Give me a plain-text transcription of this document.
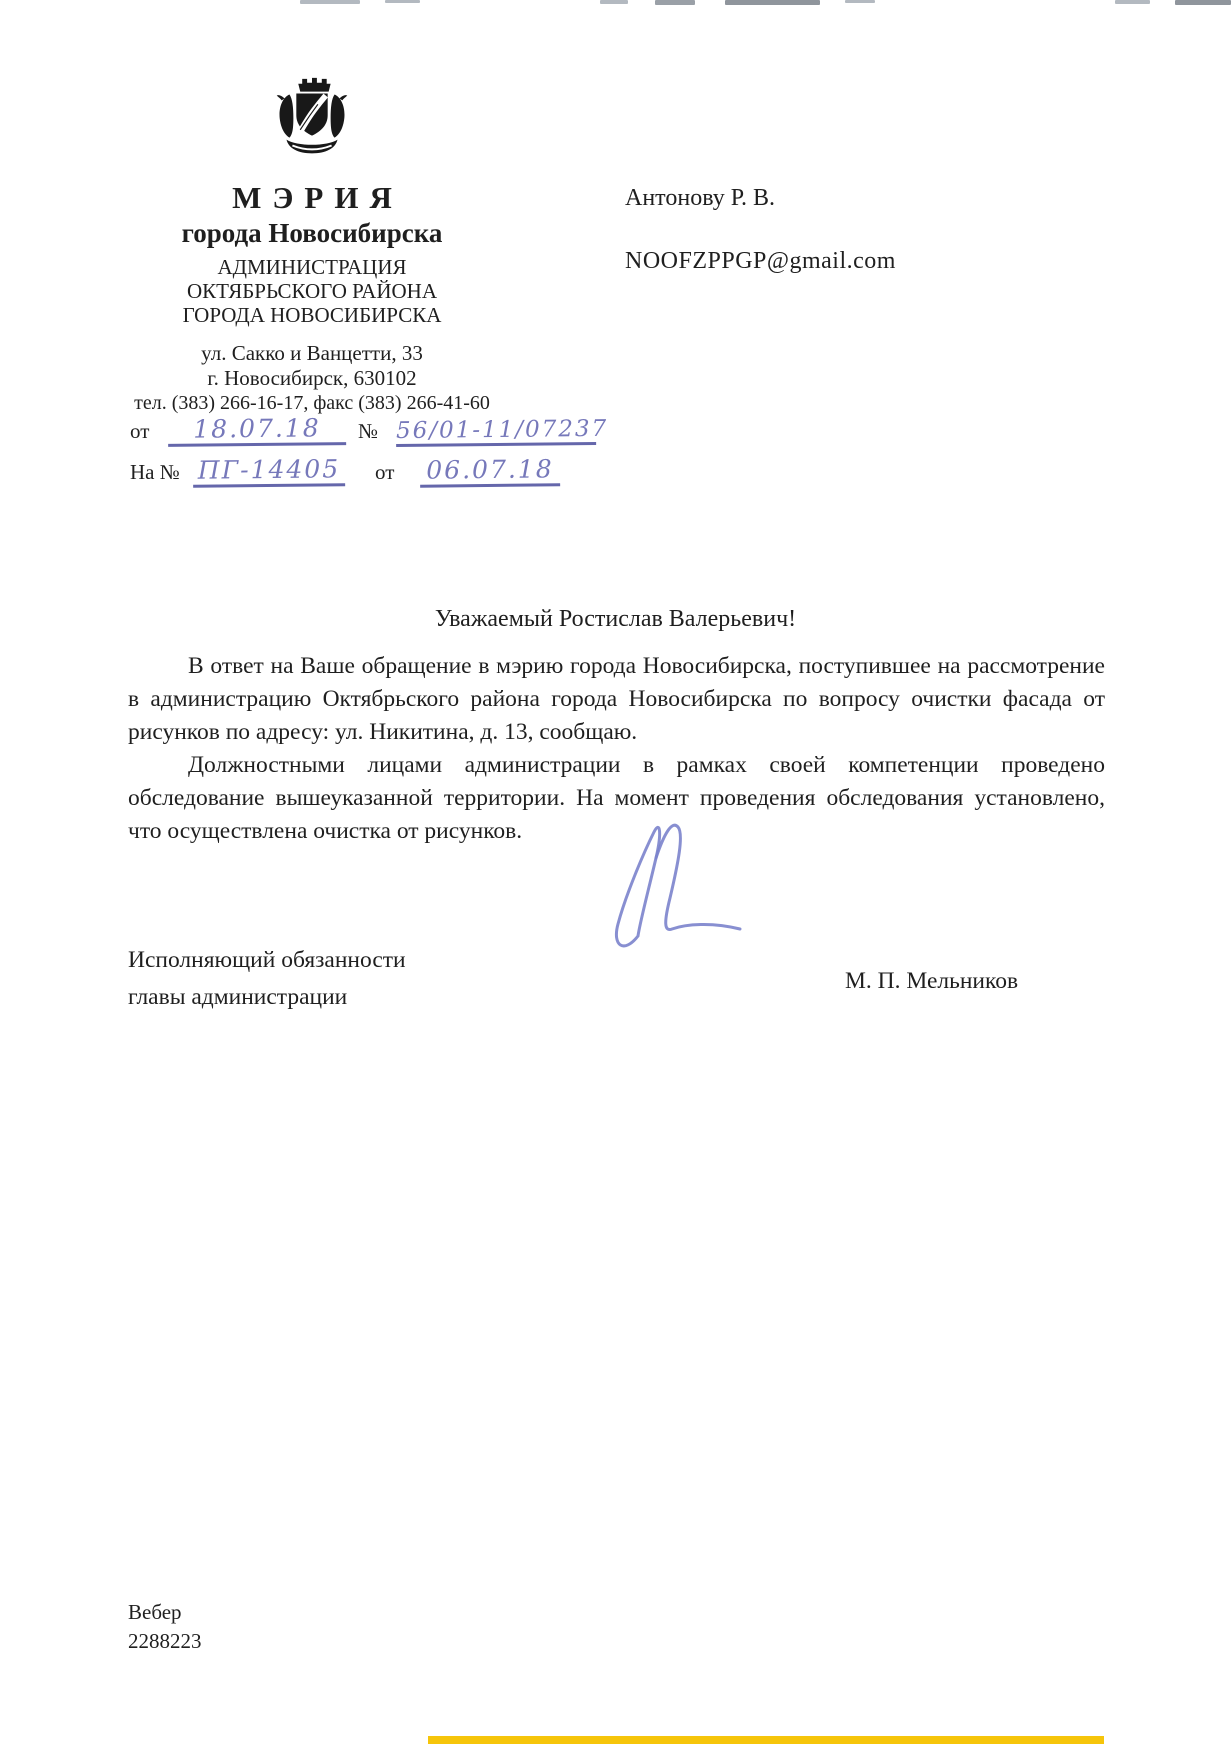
МЭРИЯ
города Новосибирска
АДМИНИСТРАЦИЯ
ОКТЯБРЬСКОГО РАЙОНА
ГОРОДА НОВОСИБИРСКА
ул. Сакко и Ванцетти, 33
г. Новосибирск, 630102
тел. (383) 266-16-17, факс (383) 266-41-60
от	18.07.18	№ 56/01-11/07237
На № ПГ-14405 от 06.07.18
Антонову Р. В.
NOOFZPPGP@gmail.com
Уважаемый Ростислав Валерьевич!

В ответ на Ваше обращение в мэрию города Новосибирска, поступившее на рассмотрение в администрацию Октябрьского района города Новосибирска по вопросу очистки фасада от рисунков по адресу: ул. Никитина, д. 13, сообщаю.

Должностными лицами администрации в рамках своей компетенции проведено обследование вышеуказанной территории. На момент проведения обследования установлено, что осуществлена очистка от рисунков.

Исполняющий обязанности
главы администрации
М. П. Мельников
Вебер
2288223
